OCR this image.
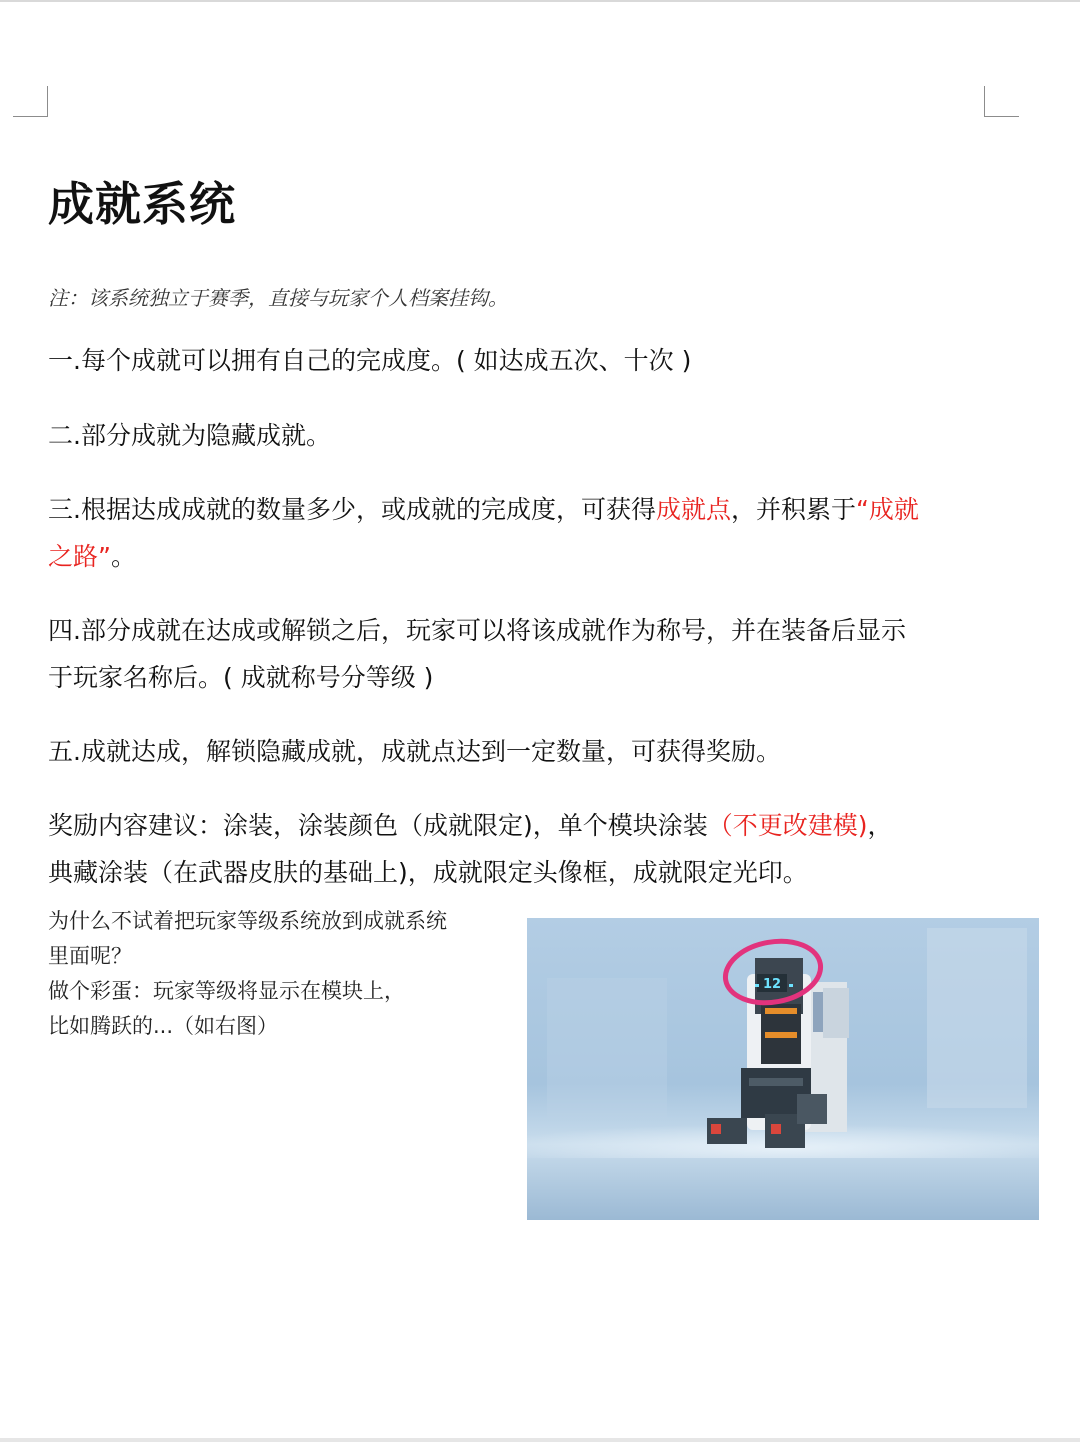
成就系统
注：该系统独立于赛季，直接与玩家个人档案挂钩。
一.每个成就可以拥有自己的完成度。( 如达成五次、十次 )
二.部分成就为隐藏成就。
三.根据达成成就的数量多少，或成就的完成度，可获得成就点，并积累于“成就
之路”。
四.部分成就在达成或解锁之后，玩家可以将该成就作为称号，并在装备后显示
于玩家名称后。( 成就称号分等级 )
五.成就达成，解锁隐藏成就，成就点达到一定数量，可获得奖励。
奖励内容建议：涂装，涂装颜色（成就限定)，单个模块涂装（不更改建模)，
典藏涂装（在武器皮肤的基础上)，成就限定头像框，成就限定光印。
为什么不试着把玩家等级系统放到成就系统
里面呢？
做个彩蛋：玩家等级将显示在模块上，
比如腾跃的...（如右图）
12
